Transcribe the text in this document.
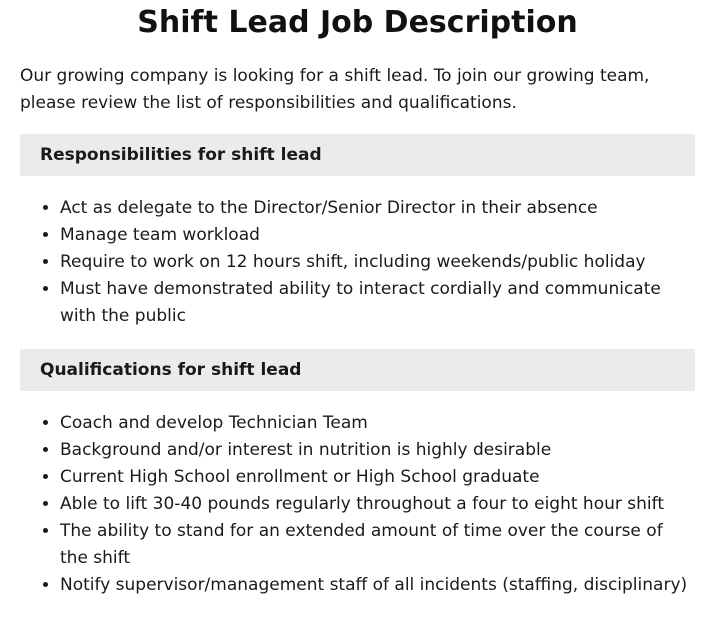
Shift Lead Job Description

Our growing company is looking for a shift lead. To join our growing team, please review the list of responsibilities and qualifications.

Responsibilities for shift lead
• Act as delegate to the Director/Senior Director in their absence
• Manage team workload
• Require to work on 12 hours shift, including weekends/public holiday
• Must have demonstrated ability to interact cordially and communicate with the public
Qualifications for shift lead
• Coach and develop Technician Team
• Background and/or interest in nutrition is highly desirable
• Current High School enrollment or High School graduate
• Able to lift 30-40 pounds regularly throughout a four to eight hour shift
• The ability to stand for an extended amount of time over the course of the shift
• Notify supervisor/management staff of all incidents (staffing, disciplinary)
